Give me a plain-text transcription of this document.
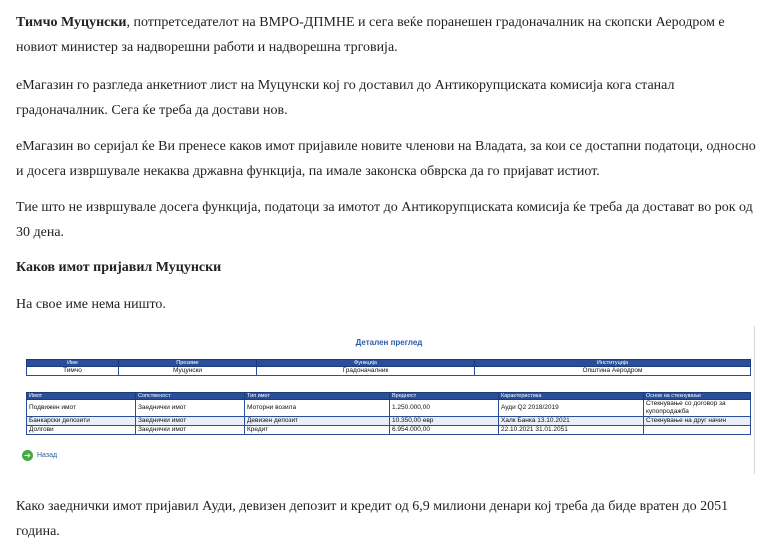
Тимчо Муцунски, потпретседателот на ВМРО-ДПМНЕ и сега веќе поранешен градоначалник на скопски Аеродром е новиот министер за надворешни работи и надворешна трговија.

еМагазин го разгледа анкетниот лист на Муцунски кој го доставил до Антикорупциската комисија кога станал градоначалник. Сега ќе треба да достави нов.

еМагазин во серијал ќе Ви пренесе каков имот пријавиле новите членови на Владата, за кои се достапни податоци, односно и досега извршувале некаква државна функција, па имале законска обврска да го пријават истиот.

Тие што не извршувале досега функција, податоци за имотот до Антикорупциската комисија ќе треба да достават во рок од 30 дена.

Каков имот пријавил Муцунски

На свое име нема ништо.

Како заеднички имот пријавил Ауди, девизен депозит и кредит од 6,9 милиони денари кој треба да биде вратен до 2051 година.

Детален преглед
Име	Презиме	Функција	Институција
Тимчо	Муцунски	Градоначалник	Општина Аеродром
Имот	Сопственост	Тип имот	Вредност	Карактеристика	Основ на стекнување
Подвижен имот	Заеднички имот	Моторни возила	1.250.000,00	Ауди Q2 2018/2019	Стекнување со договор за купопродажба
Банкарски депозити	Заеднички имот	Девизен депозит	10.350,00 евр	Халк Банка 13.10.2021	Стекнување на друг начин
Долгови	Заеднички имот	Кредит	6.954.000,00	22.10.2021 31.01.2051	
➔ Назад
